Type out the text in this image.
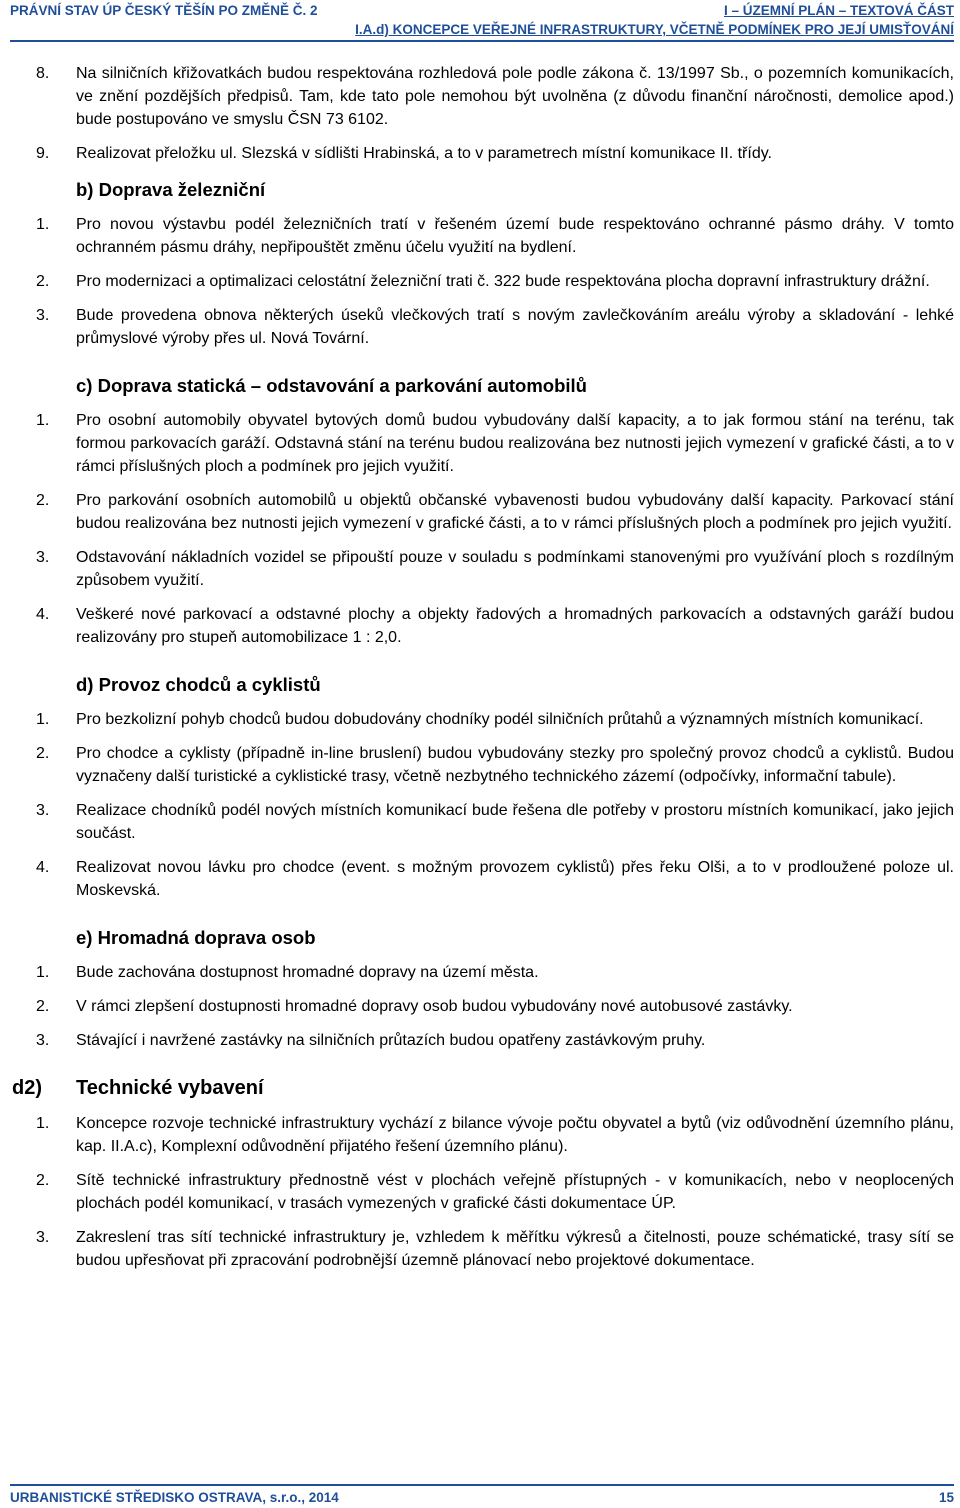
PRÁVNÍ STAV ÚP ČESKÝ TĚŠÍN PO ZMĚNĚ Č. 2	I – ÚZEMNÍ PLÁN – TEXTOVÁ ČÁST
I.A.d) KONCEPCE VEŘEJNÉ INFRASTRUKTURY, VČETNĚ PODMÍNEK PRO JEJÍ UMISŤOVÁNÍ
8. Na silničních křižovatkách budou respektována rozhledová pole podle zákona č. 13/1997 Sb., o pozemních komunikacích, ve znění pozdějších předpisů. Tam, kde tato pole nemohou být uvolněna (z důvodu finanční náročnosti, demolice apod.) bude postupováno ve smyslu ČSN 73 6102.
9. Realizovat přeložku ul. Slezská v sídlišti Hrabinská, a to v parametrech místní komunikace II. třídy.
b) Doprava železniční
1. Pro novou výstavbu podél železničních tratí v řešeném území bude respektováno ochranné pásmo dráhy. V tomto ochranném pásmu dráhy, nepřipouštět změnu účelu využití na bydlení.
2. Pro modernizaci a optimalizaci celostátní železniční trati č. 322 bude respektována plocha dopravní infrastruktury drážní.
3. Bude provedena obnova některých úseků vlečkových tratí s novým zavlečkováním areálu výroby a skladování - lehké průmyslové výroby přes ul. Nová Tovární.
c) Doprava statická – odstavování a parkování automobilů
1. Pro osobní automobily obyvatel bytových domů budou vybudovány další kapacity, a to jak formou stání na terénu, tak formou parkovacích garáží. Odstavná stání na terénu budou realizována bez nutnosti jejich vymezení v grafické části, a to v rámci příslušných ploch a podmínek pro jejich využití.
2. Pro parkování osobních automobilů u objektů občanské vybavenosti budou vybudovány další kapacity. Parkovací stání budou realizována bez nutnosti jejich vymezení v grafické části, a to v rámci příslušných ploch a podmínek pro jejich využití.
3. Odstavování nákladních vozidel se připouští pouze v souladu s podmínkami stanovenými pro využívání ploch s rozdílným způsobem využití.
4. Veškeré nové parkovací a odstavné plochy a objekty řadových a hromadných parkovacích a odstavných garáží budou realizovány pro stupeň automobilizace 1 : 2,0.
d) Provoz chodců a cyklistů
1. Pro bezkolizní pohyb chodců budou dobudovány chodníky podél silničních průtahů a významných místních komunikací.
2. Pro chodce a cyklisty (případně in-line bruslení) budou vybudovány stezky pro společný provoz chodců a cyklistů. Budou vyznačeny další turistické a cyklistické trasy, včetně nezbytného technického zázemí (odpočívky, informační tabule).
3. Realizace chodníků podél nových místních komunikací bude řešena dle potřeby v prostoru místních komunikací, jako jejich součást.
4. Realizovat novou lávku pro chodce (event. s možným provozem cyklistů) přes řeku Olši, a to v prodloužené poloze ul. Moskevská.
e) Hromadná doprava osob
1. Bude zachována dostupnost hromadné dopravy na území města.
2. V rámci zlepšení dostupnosti hromadné dopravy osob budou vybudovány nové autobusové zastávky.
3. Stávající i navržené zastávky na silničních průtazích budou opatřeny zastávkovým pruhy.
d2) Technické vybavení
1. Koncepce rozvoje technické infrastruktury vychází z bilance vývoje počtu obyvatel a bytů (viz odůvodnění územního plánu, kap. II.A.c), Komplexní odůvodnění přijatého řešení územního plánu).
2. Sítě technické infrastruktury přednostně vést v plochách veřejně přístupných - v komunikacích, nebo v neoplocených plochách podél komunikací, v trasách vymezených v grafické části dokumentace ÚP.
3. Zakreslení tras sítí technické infrastruktury je, vzhledem k měřítku výkresů a čitelnosti, pouze schématické, trasy sítí se budou upřesňovat při zpracování podrobnější územně plánovací nebo projektové dokumentace.
URBANISTICKÉ STŘEDISKO OSTRAVA, s.r.o., 2014	15
